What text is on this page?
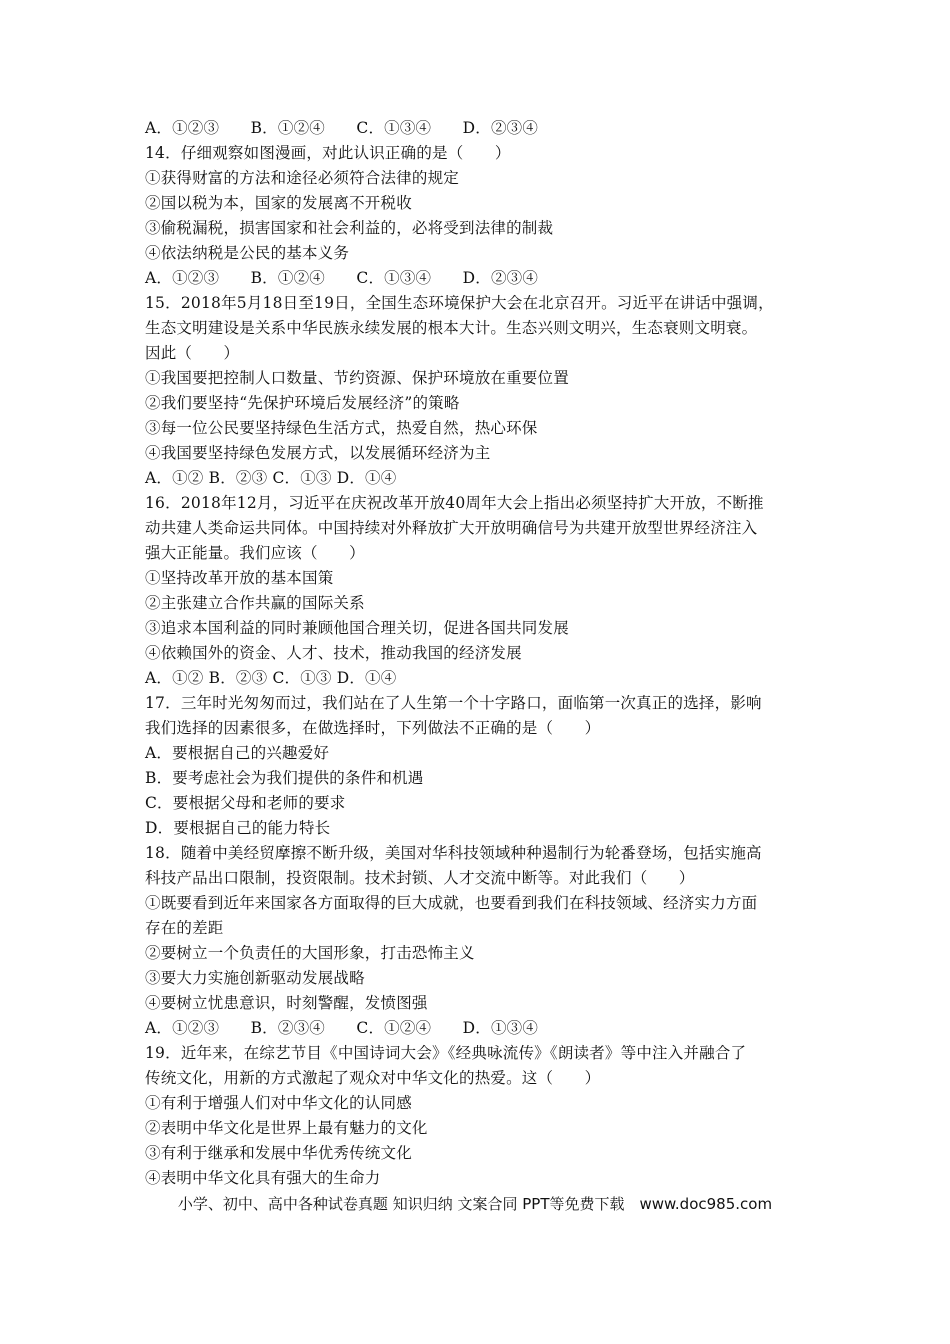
A．①②③　　B．①②④　　C．①③④　　D．②③④
14．仔细观察如图漫画，对此认识正确的是（　　）
①获得财富的方法和途径必须符合法律的规定
②国以税为本，国家的发展离不开税收
③偷税漏税，损害国家和社会利益的，必将受到法律的制裁
④依法纳税是公民的基本义务
A．①②③　　B．①②④　　C．①③④　　D．②③④
15．2018年5月18日至19日，全国生态环境保护大会在北京召开。习近平在讲话中强调，
生态文明建设是关系中华民族永续发展的根本大计。生态兴则文明兴，生态衰则文明衰。
因此（　　）
①我国要把控制人口数量、节约资源、保护环境放在重要位置
②我们要坚持“先保护环境后发展经济”的策略
③每一位公民要坚持绿色生活方式，热爱自然，热心环保
④我国要坚持绿色发展方式，以发展循环经济为主
A．①② B．②③ C．①③ D．①④
16．2018年12月，习近平在庆祝改革开放40周年大会上指出必须坚持扩大开放，不断推
动共建人类命运共同体。中国持续对外释放扩大开放明确信号为共建开放型世界经济注入
强大正能量。我们应该（　　）
①坚持改革开放的基本国策
②主张建立合作共赢的国际关系
③追求本国利益的同时兼顾他国合理关切，促进各国共同发展
④依赖国外的资金、人才、技术，推动我国的经济发展
A．①② B．②③ C．①③ D．①④
17．三年时光匆匆而过，我们站在了人生第一个十字路口，面临第一次真正的选择，影响
我们选择的因素很多，在做选择时，下列做法不正确的是（　　）
A．要根据自己的兴趣爱好
B．要考虑社会为我们提供的条件和机遇
C．要根据父母和老师的要求
D．要根据自己的能力特长
18．随着中美经贸摩擦不断升级，美国对华科技领域种种遏制行为轮番登场，包括实施高
科技产品出口限制，投资限制。技术封锁、人才交流中断等。对此我们（　　）
①既要看到近年来国家各方面取得的巨大成就，也要看到我们在科技领域、经济实力方面
存在的差距
②要树立一个负责任的大国形象，打击恐怖主义
③要大力实施创新驱动发展战略
④要树立忧患意识，时刻警醒，发愤图强
A．①②③　　B．②③④　　C．①②④　　D．①③④
19．近年来，在综艺节目《中国诗词大会》《经典咏流传》《朗读者》等中注入并融合了
传统文化，用新的方式激起了观众对中华文化的热爱。这（　　）
①有利于增强人们对中华文化的认同感
②表明中华文化是世界上最有魅力的文化
③有利于继承和发展中华优秀传统文化
④表明中华文化具有强大的生命力
小学、初中、高中各种试卷真题 知识归纳 文案合同 PPT等免费下载　www.doc985.com
